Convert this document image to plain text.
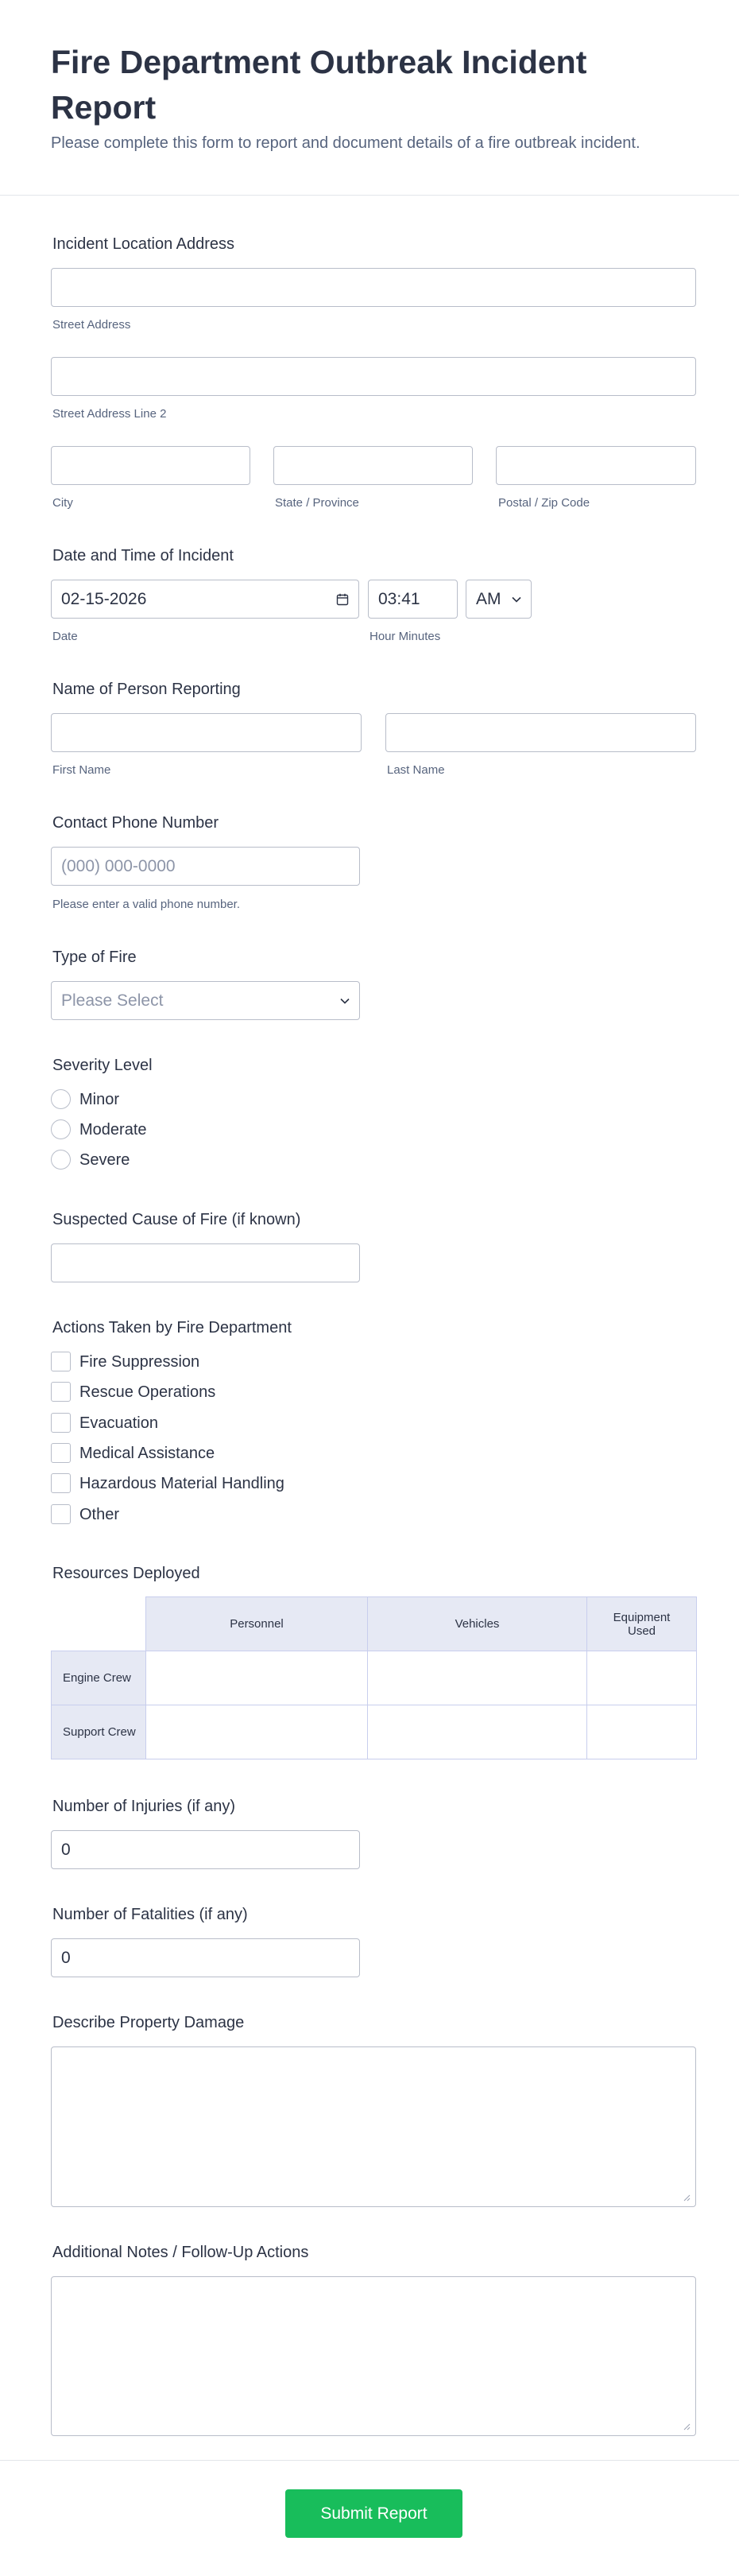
Fire Department Outbreak Incident Report

Please complete this form to report and document details of a fire outbreak incident.

Incident Location Address
Street Address
Street Address Line 2
City	State / Province	Postal / Zip Code
Date and Time of Incident
02-15-2026
Date
03:41
Hour Minutes
AM
Name of Person Reporting
First Name	Last Name
Contact Phone Number
(000) 000-0000
Please enter a valid phone number.
Type of Fire
Please Select
Severity Level
Minor
Moderate
Severe
Suspected Cause of Fire (if known)
Actions Taken by Fire Department
Fire Suppression
Rescue Operations
Evacuation
Medical Assistance
Hazardous Material Handling
Other
Resources Deployed
	Personnel	Vehicles	Equipment Used
Engine Crew			
Support Crew			
Number of Injuries (if any)
0
Number of Fatalities (if any)
0
Describe Property Damage
Additional Notes / Follow-Up Actions
Submit Report
